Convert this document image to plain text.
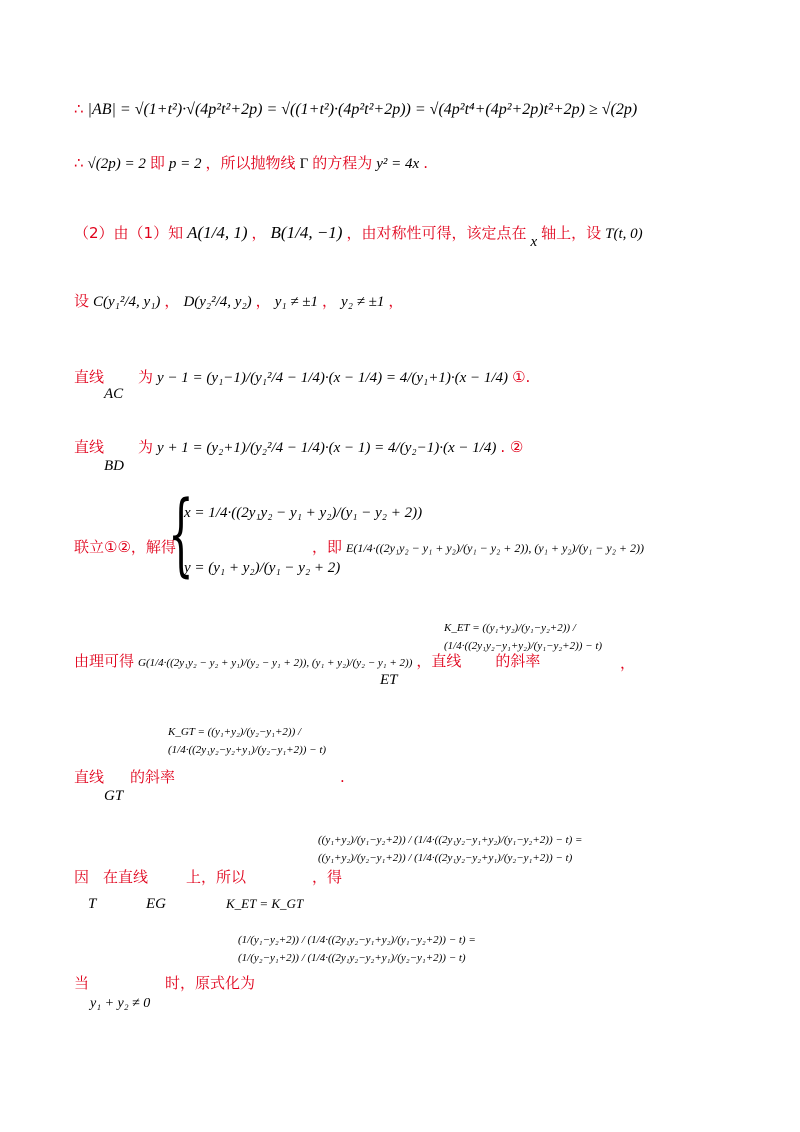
∴ |AB| = √(1+t²)·√(4p²t²+2p) = √((1+t²)·(4p²t²+2p)) = √(4p²t⁴+(4p²+2p)t²+2p) ≥ √(2p)
∴ √(2p) = 2 即 p = 2 ，所以抛物线 Γ 的方程为 y² = 4x .
（2）由（1）知 A(1/4, 1) ， B(1/4, −1) ，由对称性可得，该定点在 x 轴上，设 T(t, 0)
设 C(y₁²/4, y₁) ， D(y₂²/4, y₂) ， y₁ ≠ ±1 ， y₂ ≠ ±1 ，
直线 为 y − 1 = (y₁−1)/(y₁²/4 − 1/4)·(x − 1/4) = 4/(y₁+1)·(x − 1/4) ①.
AC
直线 为 y + 1 = (y₂+1)/(y₂²/4 − 1/4)·(x − 1) = 4/(y₂−1)·(x − 1/4) . ②
BD
联立①②，解得
{
x = 1/4·((2y₁y₂ − y₁ + y₂)/(y₁ − y₂ + 2))
y = (y₁ + y₂)/(y₁ − y₂ + 2)
，即 E(1/4·((2y₁y₂ − y₁ + y₂)/(y₁ − y₂ + 2)), (y₁ + y₂)/(y₁ − y₂ + 2))
由理可得 G(1/4·((2y₁y₂ − y₂ + y₁)/(y₂ − y₁ + 2)), (y₁ + y₂)/(y₂ − y₁ + 2)) ，直线 的斜率
ET
K_ET = ((y₁+y₂)/(y₁−y₂+2)) / (1/4·((2y₁y₂−y₁+y₂)/(y₁−y₂+2)) − t)
，
直线 的斜率
GT
K_GT = ((y₁+y₂)/(y₂−y₁+2)) / (1/4·((2y₁y₂−y₂+y₁)/(y₂−y₁+2)) − t)
.
因 在直线	上，所以	，得
T	EG	K_ET = K_GT
((y₁+y₂)/(y₁−y₂+2)) / (1/4·((2y₁y₂−y₁+y₂)/(y₁−y₂+2)) − t) = ((y₁+y₂)/(y₂−y₁+2)) / (1/4·((2y₁y₂−y₂+y₁)/(y₂−y₁+2)) − t)
当	时，原式化为
y₁ + y₂ ≠ 0
(1/(y₁−y₂+2)) / (1/4·((2y₁y₂−y₁+y₂)/(y₁−y₂+2)) − t) = (1/(y₂−y₁+2)) / (1/4·((2y₁y₂−y₂+y₁)/(y₂−y₁+2)) − t)
